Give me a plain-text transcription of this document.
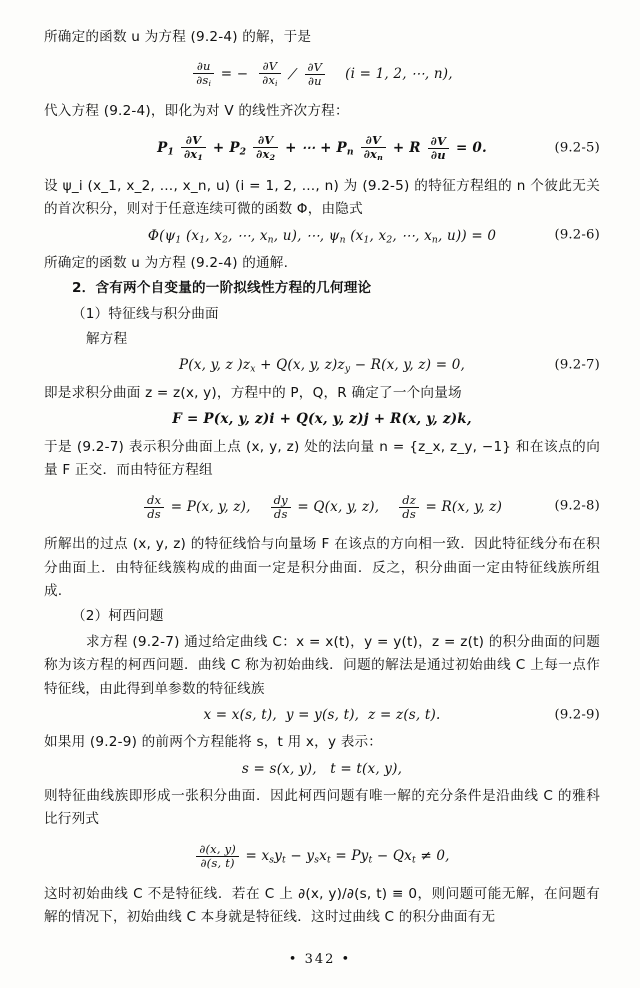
所确定的函数 u 为方程 (9.2-4) 的解，于是

$\frac{\partial u}{\partial s_i}$ = − $\frac{\partial V}{\partial x_i} / \frac{\partial V}{\partial u} (i = 1$, 2, ⋯, n),

代入方程 (9.2-4)，即化为对 V 的线性齐次方程：

$P_1 \frac{\partial V}{\partial x_1} + P_2 \frac{\partial V}{\partial x_2}$ + ⋯ + $P_n \frac{\partial V}{\partial x_n} + R \frac{\partial V}{\partial u} = 0$.	(9.2-5)

设 ψ_i (x_1, x_2, …, x_n, u) (i = 1, 2, …, n) 为 (9.2-5) 的特征方程组的 n 个彼此无关的首次积分，则对于任意连续可微的函数 Φ，由隐式

$\Phi(\psi_1$ ($x_1$, $x_2$, ⋯, $x_n$, u), ⋯, $\psi_n$ ($x_1$, $x_2$, ⋯, $x_n$, u)) = 0	(9.2-6)

所确定的函数 u 为方程 (9.2-4) 的通解.

2．含有两个自变量的一阶拟线性方程的几何理论

（1）特征线与积分曲面

解方程

P(x, y, z )$z_x + Q(x$, y, $z)z_y - R(x$, y, z) = 0,	(9.2-7)

即是求积分曲面 z = z(x, y)，方程中的 P，Q，R 确定了一个向量场

F = P(x, y, z)i + Q(x, y, z)j + R(x, y, z)k,

于是 (9.2-7) 表示积分曲面上点 (x, y, z) 处的法向量 n = {z_x, z_y, −1} 和在该点的向量 F 正交．而由特征方程组

$\frac{dx}{ds} = P(x$, y, z), $\frac{dy}{ds} = Q(x$, y, z), $\frac{dz}{ds} = R(x$, y, z)	(9.2-8)

所解出的过点 (x, y, z) 的特征线恰与向量场 F 在该点的方向相一致．因此特征线分布在积分曲面上．由特征线簇构成的曲面一定是积分曲面．反之，积分曲面一定由特征线族所组成.

（2）柯西问题

求方程 (9.2-7) 通过给定曲线 C：x = x(t)，y = y(t)，z = z(t) 的积分曲面的问题称为该方程的柯西问题．曲线 C 称为初始曲线．问题的解法是通过初始曲线 C 上每一点作特征线，由此得到单参数的特征线族

x = x(s, t),  y = y(s, t),  z = z(s, t).	(9.2-9)

如果用 (9.2-9) 的前两个方程能将 s，t 用 x，y 表示：

s = s(x, y),   t = t(x, y),

则特征曲线族即形成一张积分曲面．因此柯西问题有唯一解的充分条件是沿曲线 C 的雅科比行列式

$\frac{\partial(x, y)}{\partial(s, t)} = x_sy_t - y_sx_t = Py_t - Qx_t \ne 0$,

这时初始曲线 C 不是特征线．若在 C 上 ∂(x, y)/∂(s, t) ≡ 0，则问题可能无解，在问题有解的情况下，初始曲线 C 本身就是特征线．这时过曲线 C 的积分曲面有无

• 342 •
